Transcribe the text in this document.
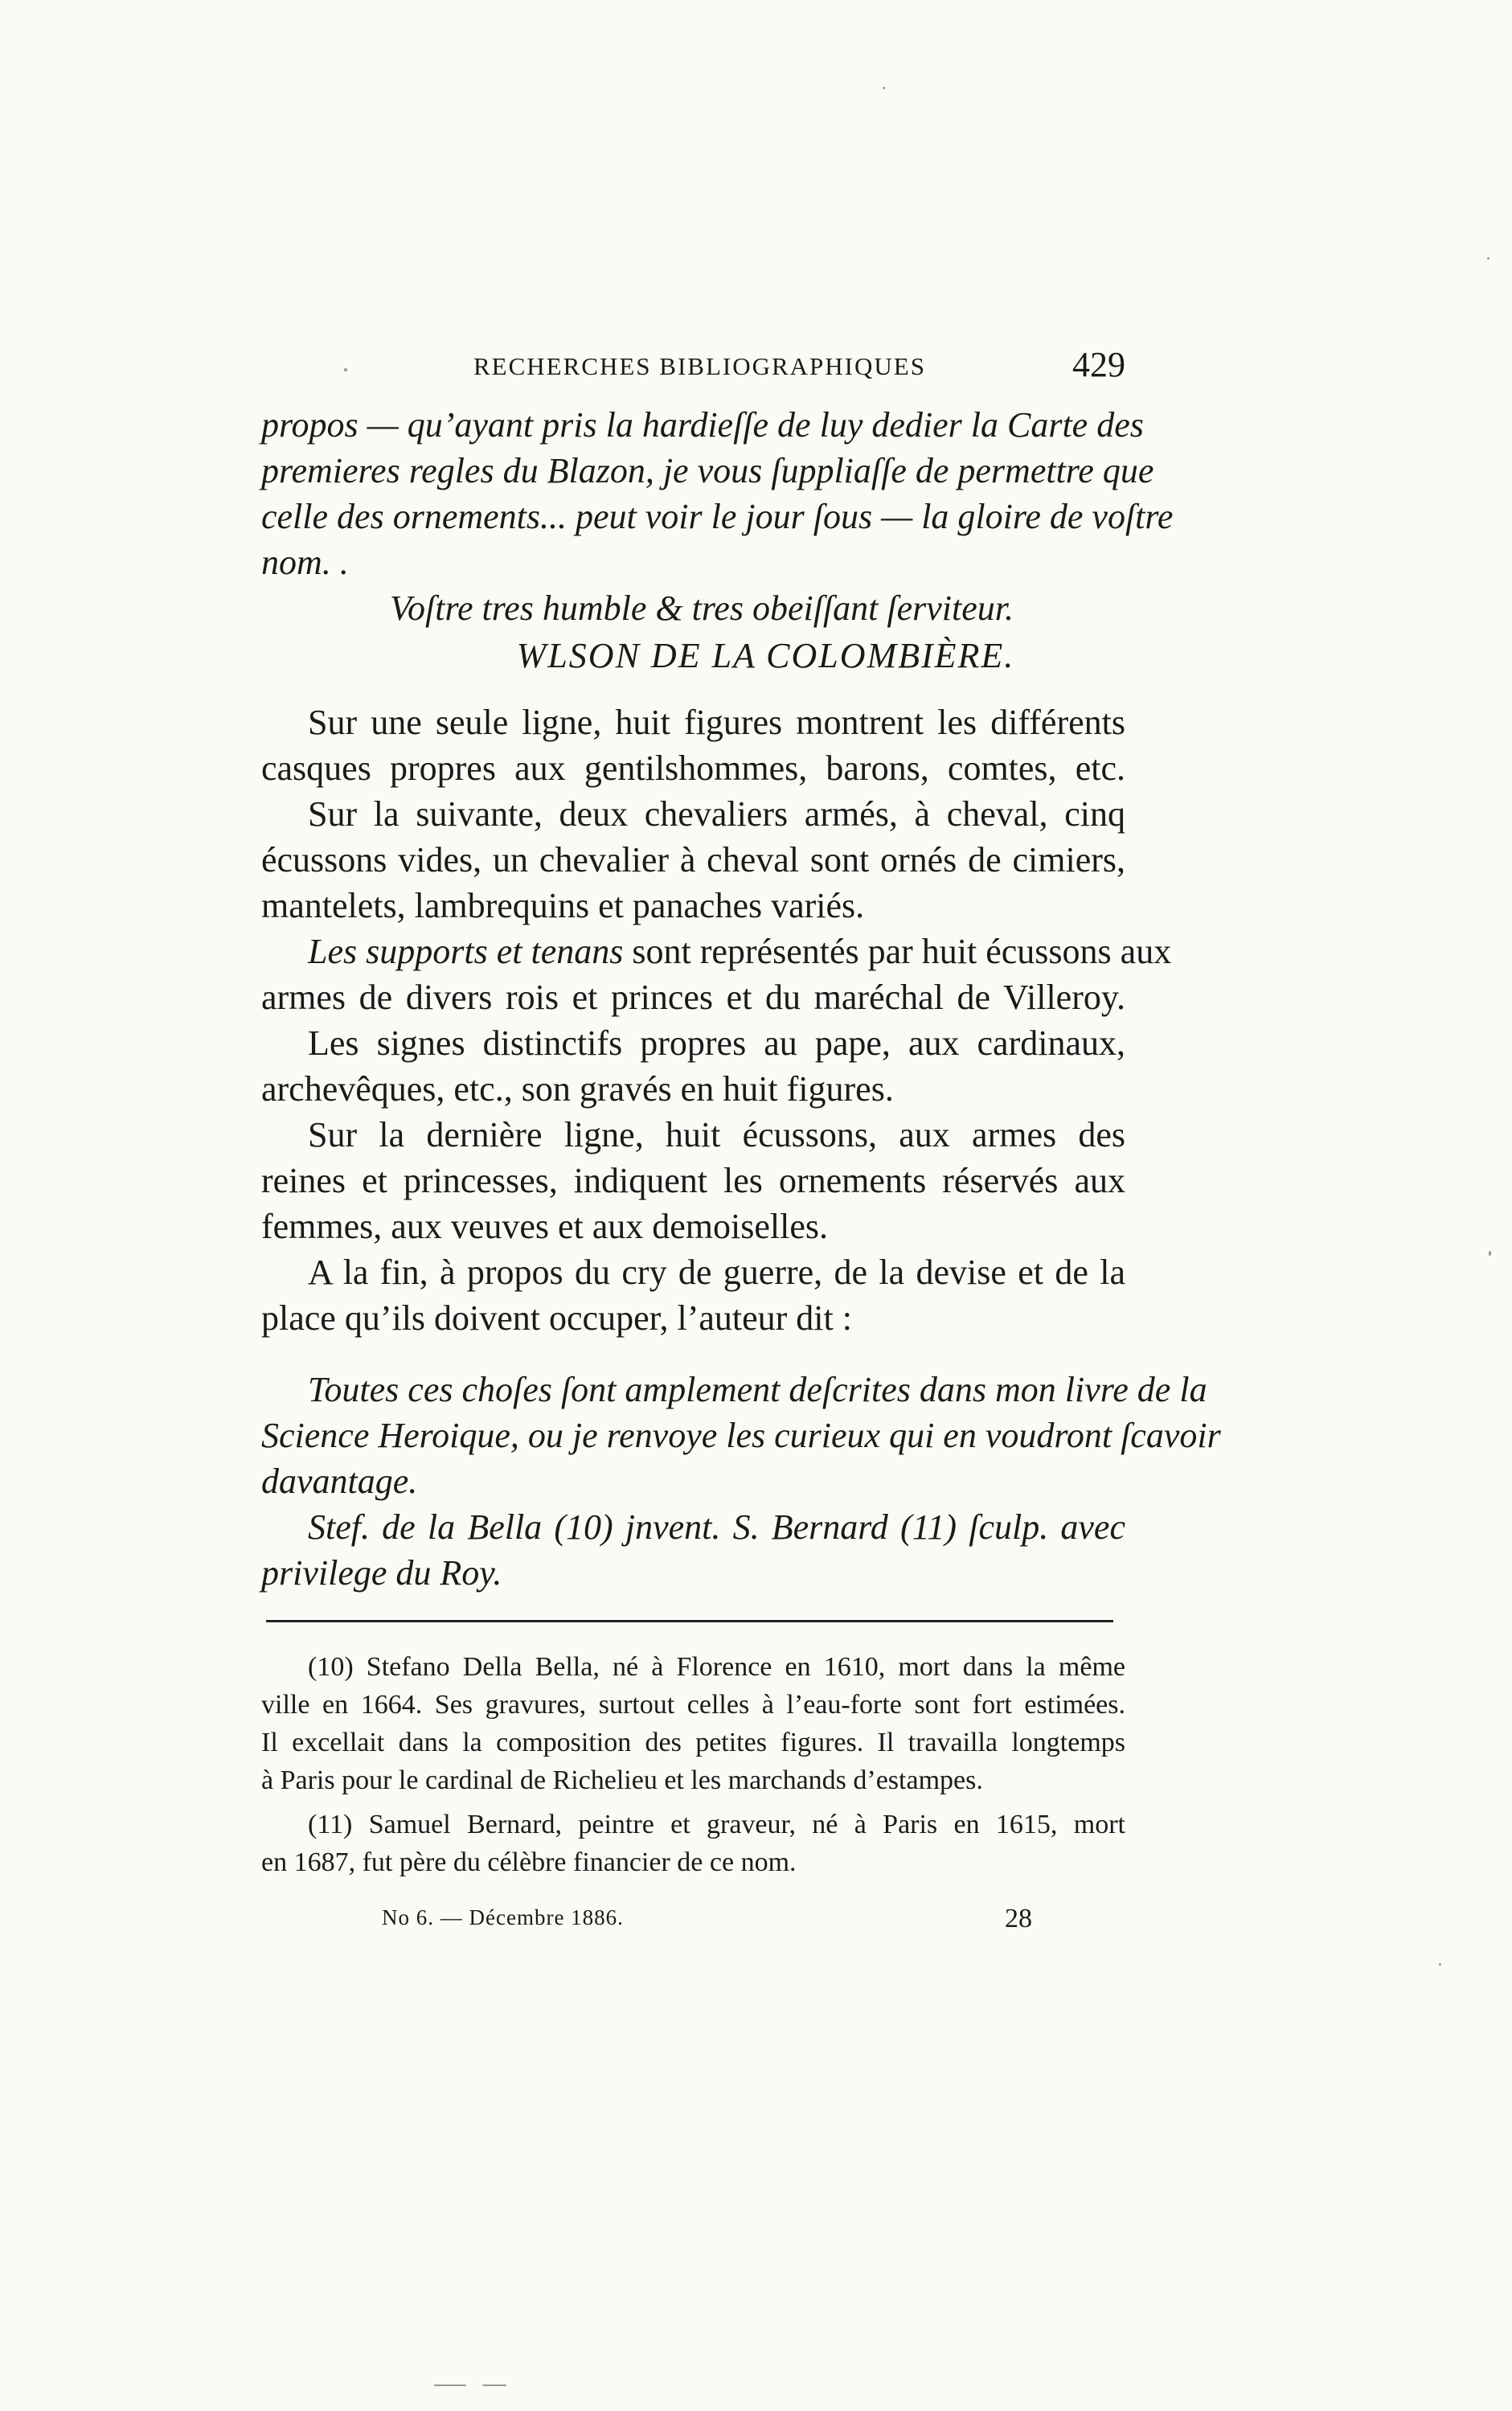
RECHERCHES BIBLIOGRAPHIQUES	429

propos — qu’ayant pris la hardieſſe de luy dedier la Carte des

premieres regles du Blazon, je vous ſuppliaſſe de permettre que

celle des ornements... peut voir le jour ſous — la gloire de voſtre

nom. .

Voſtre tres humble & tres obeiſſant ſerviteur.

WLSON DE LA COLOMBIÈRE.

Sur une seule ligne, huit figures montrent les différents

casques propres aux gentilshommes, barons, comtes, etc.

Sur la suivante, deux chevaliers armés, à cheval, cinq

écussons vides, un chevalier à cheval sont ornés de cimiers,

mantelets, lambrequins et panaches variés.

Les supports et tenans sont représentés par huit écussons aux

armes de divers rois et princes et du maréchal de Villeroy.

Les signes distinctifs propres au pape, aux cardinaux,

archevêques, etc., son gravés en huit figures.

Sur la dernière ligne, huit écussons, aux armes des

reines et princesses, indiquent les ornements réservés aux

femmes, aux veuves et aux demoiselles.

A la fin, à propos du cry de guerre, de la devise et de la

place qu’ils doivent occuper, l’auteur dit :

Toutes ces choſes ſont amplement deſcrites dans mon livre de la

Science Heroique, ou je renvoye les curieux qui en voudront ſcavoir

davantage.

Stef. de la Bella (10) jnvent. S. Bernard (11) ſculp. avec

privilege du Roy.

(10) Stefano Della Bella, né à Florence en 1610, mort dans la même

ville en 1664. Ses gravures, surtout celles à l’eau-forte sont fort estimées.

Il excellait dans la composition des petites figures. Il travailla longtemps

à Paris pour le cardinal de Richelieu et les marchands d’estampes.

(11) Samuel Bernard, peintre et graveur, né à Paris en 1615, mort

en 1687, fut père du célèbre financier de ce nom.

No 6. — Décembre 1886.	28
